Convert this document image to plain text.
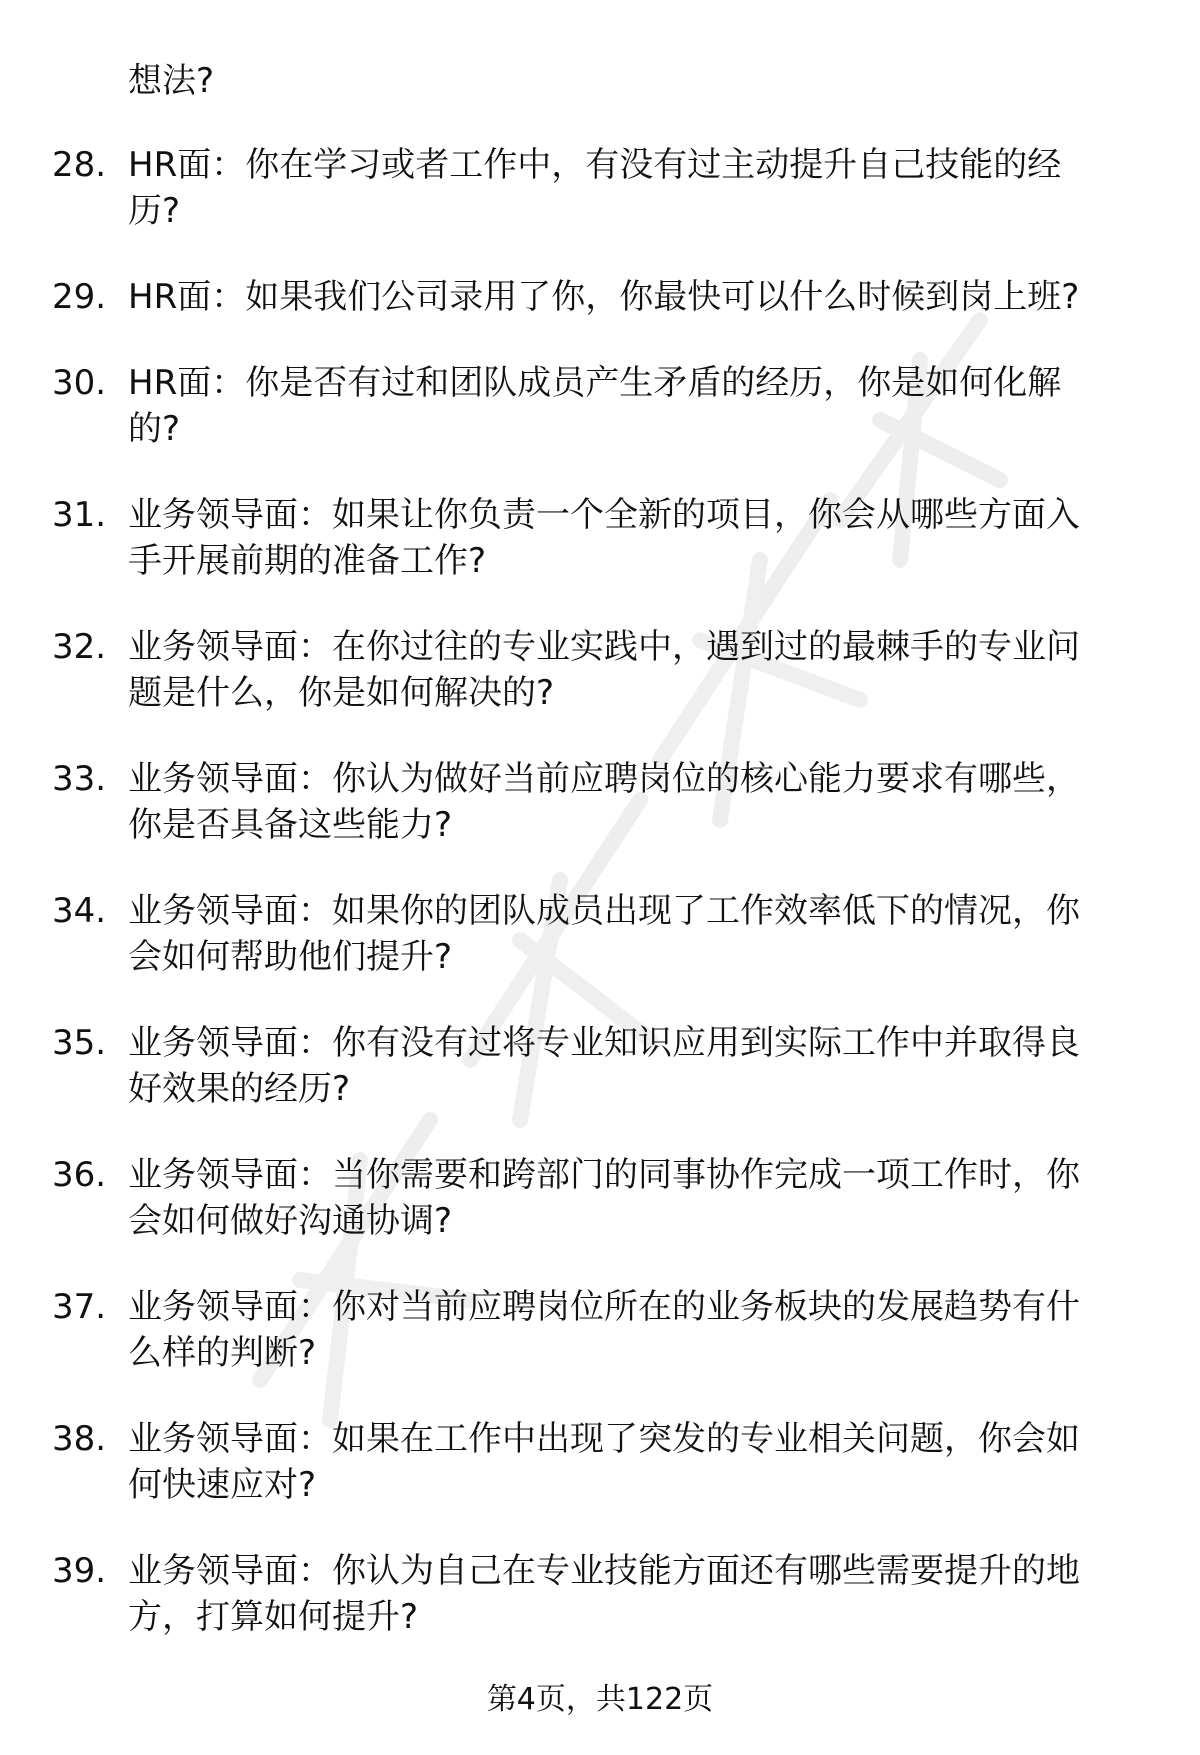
想法?
28. HR面：你在学习或者工作中，有没有过主动提升自己技能的经
历?

29. HR面：如果我们公司录用了你，你最快可以什么时候到岗上班?

30. HR面：你是否有过和团队成员产生矛盾的经历，你是如何化解
的?

31. 业务领导面：如果让你负责一个全新的项目，你会从哪些方面入
手开展前期的准备工作?

32. 业务领导面：在你过往的专业实践中，遇到过的最棘手的专业问
题是什么，你是如何解决的?

33. 业务领导面：你认为做好当前应聘岗位的核心能力要求有哪些，
你是否具备这些能力?

34. 业务领导面：如果你的团队成员出现了工作效率低下的情况，你
会如何帮助他们提升?

35. 业务领导面：你有没有过将专业知识应用到实际工作中并取得良
好效果的经历?

36. 业务领导面：当你需要和跨部门的同事协作完成一项工作时，你
会如何做好沟通协调?

37. 业务领导面：你对当前应聘岗位所在的业务板块的发展趋势有什
么样的判断?

38. 业务领导面：如果在工作中出现了突发的专业相关问题，你会如
何快速应对?

39. 业务领导面：你认为自己在专业技能方面还有哪些需要提升的地
方，打算如何提升?

第4页，共122页
